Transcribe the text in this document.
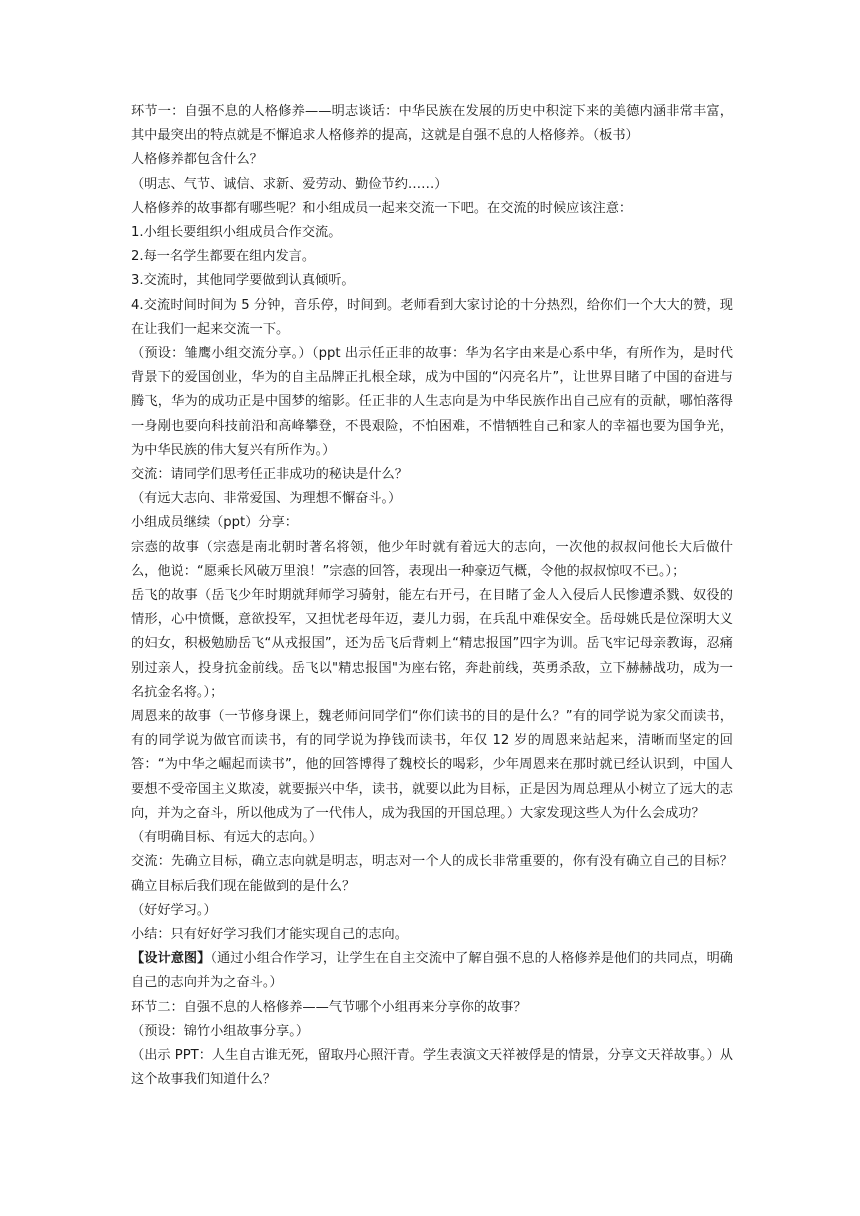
环节一：自强不息的人格修养——明志谈话：中华民族在发展的历史中积淀下来的美德内涵非常丰富，其中最突出的特点就是不懈追求人格修养的提高，这就是自强不息的人格修养。（板书）

人格修养都包含什么？

（明志、气节、诚信、求新、爱劳动、勤俭节约……）

人格修养的故事都有哪些呢？和小组成员一起来交流一下吧。在交流的时候应该注意：

1.小组长要组织小组成员合作交流。

2.每一名学生都要在组内发言。

3.交流时，其他同学要做到认真倾听。

4.交流时间时间为 5 分钟，音乐停，时间到。老师看到大家讨论的十分热烈，给你们一个大大的赞，现在让我们一起来交流一下。

（预设：雏鹰小组交流分享。）（ppt 出示任正非的故事：华为名字由来是心系中华，有所作为，是时代背景下的爱国创业，华为的自主品牌正扎根全球，成为中国的“闪亮名片”，让世界目睹了中国的奋进与腾飞，华为的成功正是中国梦的缩影。任正非的人生志向是为中华民族作出自己应有的贡献，哪怕落得一身剐也要向科技前沿和高峰攀登，不畏艰险，不怕困难，不惜牺牲自己和家人的幸福也要为国争光，为中华民族的伟大复兴有所作为。）

交流：请同学们思考任正非成功的秘诀是什么？

（有远大志向、非常爱国、为理想不懈奋斗。）

小组成员继续（ppt）分享：

宗悫的故事（宗悫是南北朝时著名将领，他少年时就有着远大的志向，一次他的叔叔问他长大后做什么，他说：“愿乘长风破万里浪！”宗悫的回答，表现出一种豪迈气概，令他的叔叔惊叹不已。）；

岳飞的故事（岳飞少年时期就拜师学习骑射，能左右开弓，在目睹了金人入侵后人民惨遭杀戮、奴役的情形，心中愤慨，意欲投军，又担忧老母年迈，妻儿力弱，在兵乱中难保安全。岳母姚氏是位深明大义的妇女，积极勉励岳飞“从戎报国”，还为岳飞后背刺上“精忠报国”四字为训。岳飞牢记母亲教诲，忍痛别过亲人，投身抗金前线。岳飞以"精忠报国"为座右铭，奔赴前线，英勇杀敌，立下赫赫战功，成为一名抗金名将。）；

周恩来的故事（一节修身课上，魏老师问同学们“你们读书的目的是什么？”有的同学说为家父而读书，有的同学说为做官而读书，有的同学说为挣钱而读书，年仅 12 岁的周恩来站起来，清晰而坚定的回答：“为中华之崛起而读书”，他的回答博得了魏校长的喝彩，少年周恩来在那时就已经认识到，中国人要想不受帝国主义欺凌，就要振兴中华，读书，就要以此为目标，正是因为周总理从小树立了远大的志向，并为之奋斗，所以他成为了一代伟人，成为我国的开国总理。）大家发现这些人为什么会成功？

（有明确目标、有远大的志向。）

交流：先确立目标，确立志向就是明志，明志对一个人的成长非常重要的，你有没有确立自己的目标？确立目标后我们现在能做到的是什么？

（好好学习。）

小结：只有好好学习我们才能实现自己的志向。

【设计意图】（通过小组合作学习，让学生在自主交流中了解自强不息的人格修养是他们的共同点，明确自己的志向并为之奋斗。）

环节二：自强不息的人格修养——气节哪个小组再来分享你的故事？

（预设：锦竹小组故事分享。）

（出示 PPT：人生自古谁无死，留取丹心照汗青。学生表演文天祥被俘是的情景，分享文天祥故事。）从这个故事我们知道什么？
